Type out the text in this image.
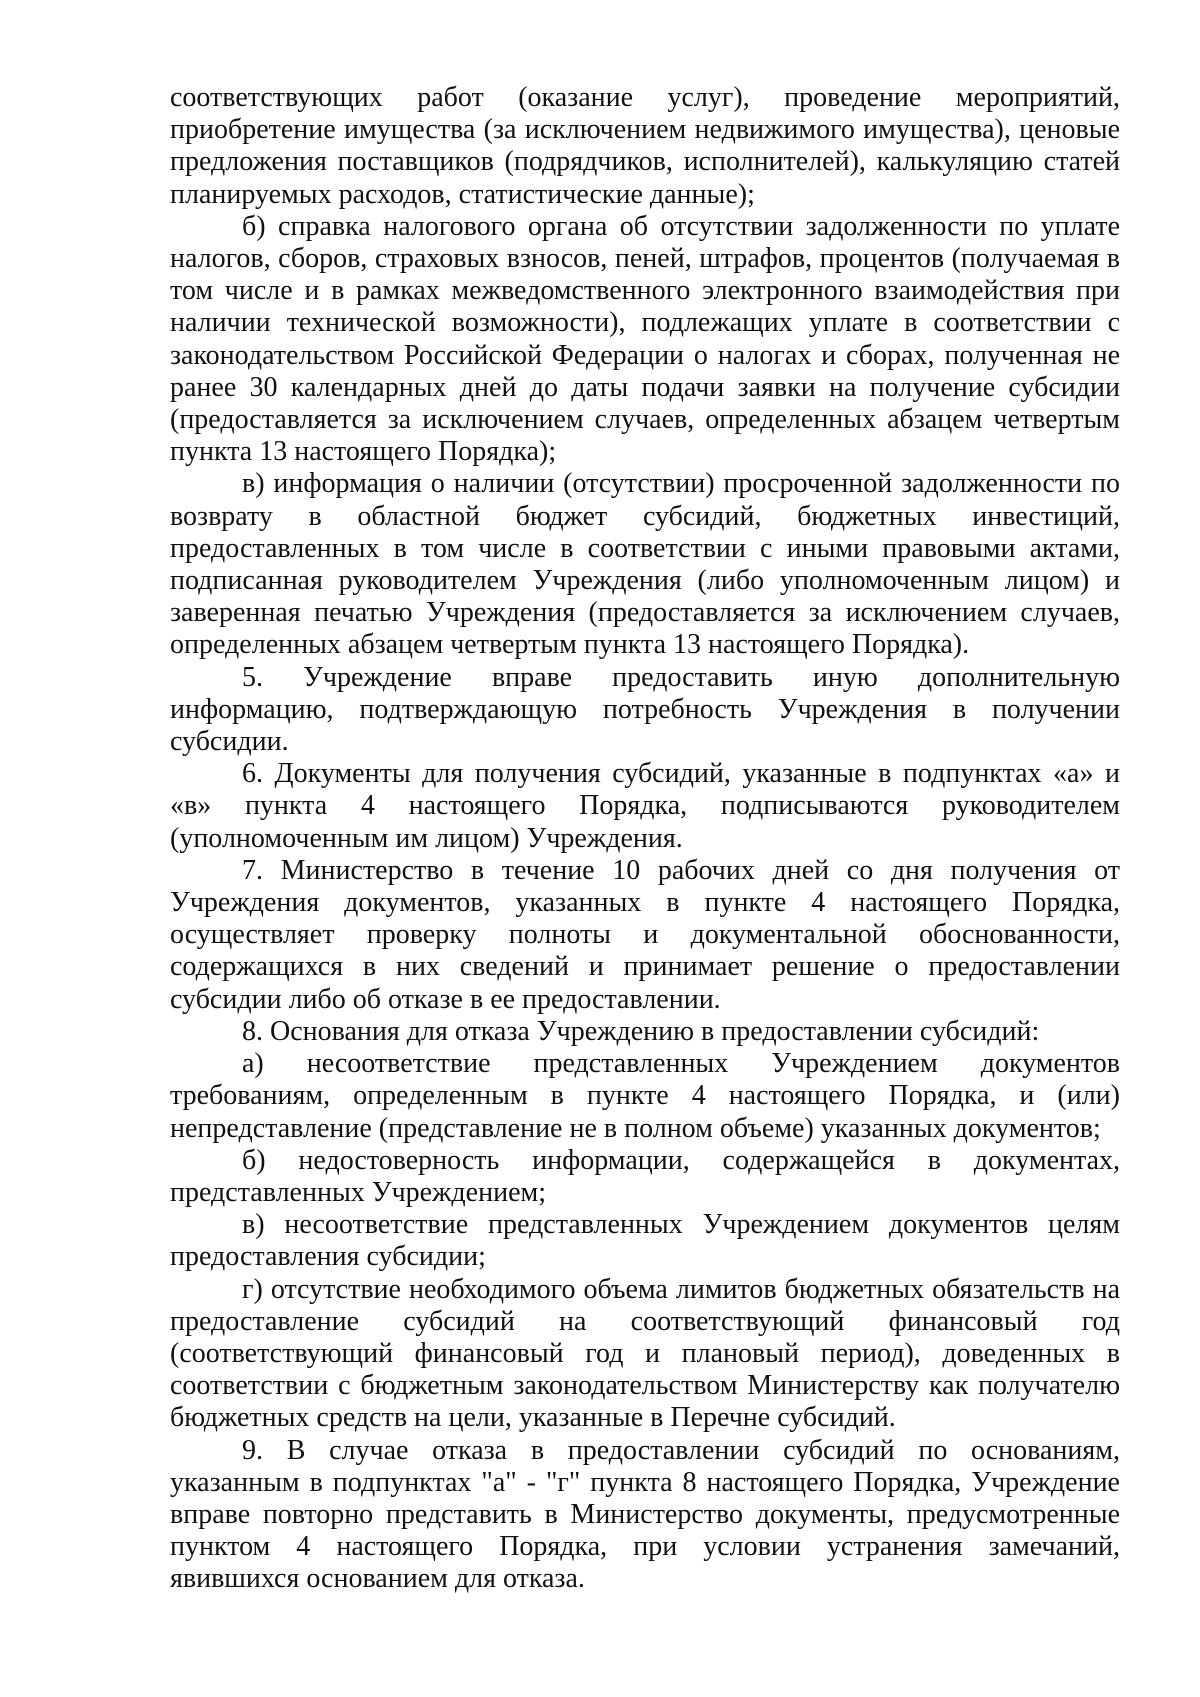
соответствующих работ (оказание услуг), проведение мероприятий, приобретение имущества (за исключением недвижимого имущества), ценовые предложения поставщиков (подрядчиков, исполнителей), калькуляцию статей планируемых расходов, статистические данные);

б) справка налогового органа об отсутствии задолженности по уплате налогов, сборов, страховых взносов, пеней, штрафов, процентов (получаемая в том числе и в рамках межведомственного электронного взаимодействия при наличии технической возможности), подлежащих уплате в соответствии с законодательством Российской Федерации о налогах и сборах, полученная не ранее 30 календарных дней до даты подачи заявки на получение субсидии (предоставляется за исключением случаев, определенных абзацем четвертым пункта 13 настоящего Порядка);

в) информация о наличии (отсутствии) просроченной задолженности по возврату в областной бюджет субсидий, бюджетных инвестиций, предоставленных в том числе в соответствии с иными правовыми актами, подписанная руководителем Учреждения (либо уполномоченным лицом) и заверенная печатью Учреждения (предоставляется за исключением случаев, определенных абзацем четвертым пункта 13 настоящего Порядка).

5. Учреждение вправе предоставить иную дополнительную информацию, подтверждающую потребность Учреждения в получении субсидии.

6. Документы для получения субсидий, указанные в подпунктах «а» и «в» пункта 4 настоящего Порядка, подписываются руководителем (уполномоченным им лицом) Учреждения.

7. Министерство в течение 10 рабочих дней со дня получения от Учреждения документов, указанных в пункте 4 настоящего Порядка, осуществляет проверку полноты и документальной обоснованности, содержащихся в них сведений и принимает решение о предоставлении субсидии либо об отказе в ее предоставлении.

8. Основания для отказа Учреждению в предоставлении субсидий:

а) несоответствие представленных Учреждением документов требованиям, определенным в пункте 4 настоящего Порядка, и (или) непредставление (представление не в полном объеме) указанных документов;

б) недостоверность информации, содержащейся в документах, представленных Учреждением;

в) несоответствие представленных Учреждением документов целям предоставления субсидии;

г) отсутствие необходимого объема лимитов бюджетных обязательств на предоставление субсидий на соответствующий финансовый год (соответствующий финансовый год и плановый период), доведенных в соответствии с бюджетным законодательством Министерству как получателю бюджетных средств на цели, указанные в Перечне субсидий.

9. В случае отказа в предоставлении субсидий по основаниям, указанным в подпунктах "а" - "г" пункта 8 настоящего Порядка, Учреждение вправе повторно представить в Министерство документы, предусмотренные пунктом 4 настоящего Порядка, при условии устранения замечаний, явившихся основанием для отказа.
